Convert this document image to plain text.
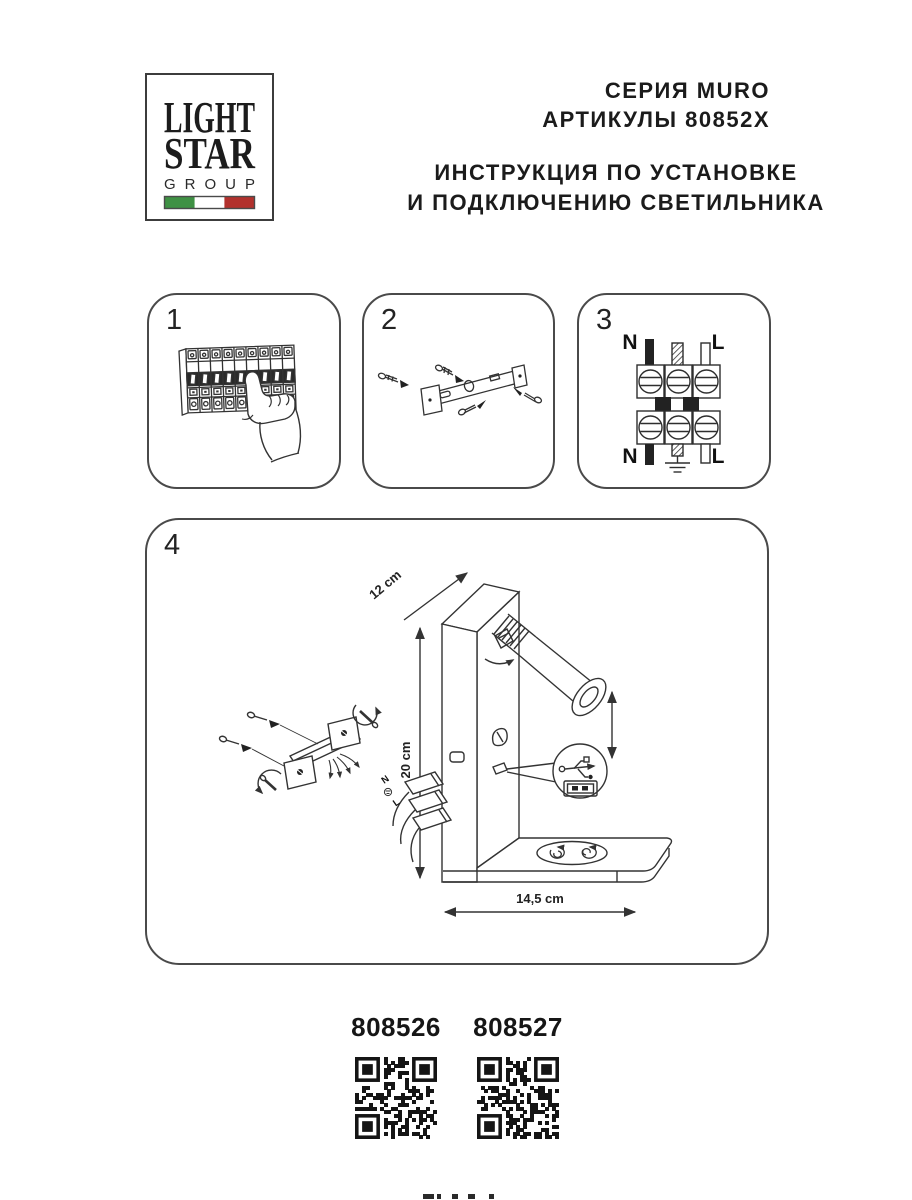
LIGHT
STAR
GROUP
СЕРИЯ MURO
АРТИКУЛЫ 80852X
ИНСТРУКЦИЯ ПО УСТАНОВКЕ
И ПОДКЛЮЧЕНИЮ СВЕТИЛЬНИКА
1	2	3
N	L
N	L
4
12 cm
20 cm
14,5 cm
N
L
808526 808527
